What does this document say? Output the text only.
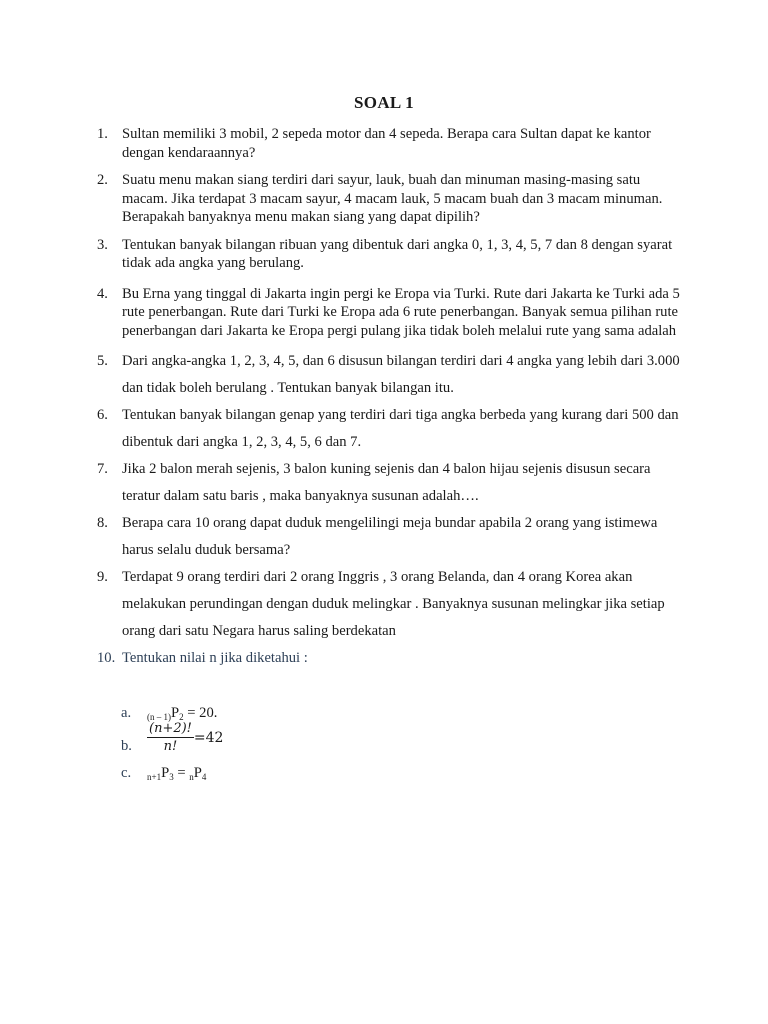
SOAL 1
1. Sultan memiliki 3 mobil, 2 sepeda motor dan 4 sepeda. Berapa cara Sultan dapat ke kantor dengan kendaraannya?
2. Suatu menu makan siang terdiri dari sayur, lauk, buah dan minuman masing-masing satu macam. Jika terdapat 3 macam sayur, 4 macam lauk, 5 macam buah dan 3 macam minuman. Berapakah banyaknya menu makan siang yang dapat dipilih?
3. Tentukan banyak bilangan ribuan yang dibentuk dari angka 0, 1, 3, 4, 5, 7 dan 8 dengan syarat tidak ada angka yang berulang.
4. Bu Erna yang tinggal di Jakarta ingin pergi ke Eropa via Turki. Rute dari Jakarta ke Turki ada 5 rute penerbangan. Rute dari Turki ke Eropa ada 6 rute penerbangan. Banyak semua pilihan rute penerbangan dari Jakarta ke Eropa pergi pulang jika tidak boleh melalui rute yang sama adalah
5. Dari angka-angka 1, 2, 3, 4, 5, dan 6 disusun bilangan terdiri dari 4 angka yang lebih dari 3.000 dan tidak boleh berulang . Tentukan banyak bilangan itu.
6. Tentukan banyak bilangan genap yang terdiri dari tiga angka berbeda yang kurang dari 500 dan dibentuk dari angka 1, 2, 3, 4, 5, 6 dan 7.
7. Jika 2 balon merah sejenis, 3 balon kuning sejenis dan 4 balon hijau sejenis disusun secara teratur dalam satu baris , maka banyaknya susunan adalah….
8. Berapa cara 10 orang dapat duduk mengelilingi meja bundar apabila 2 orang yang istimewa harus selalu duduk bersama?
9. Terdapat 9 orang terdiri dari 2 orang Inggris , 3 orang Belanda, dan 4 orang Korea akan melakukan perundingan dengan duduk melingkar . Banyaknya susunan melingkar jika setiap orang dari satu Negara harus saling berdekatan
10. Tentukan nilai n jika diketahui :
a. $_{(n - 1)}P_2 = 20$.
b. $\frac{(n+2)!}{n!} =42$
c. $_{n+1}P_3 = _nP_4$
